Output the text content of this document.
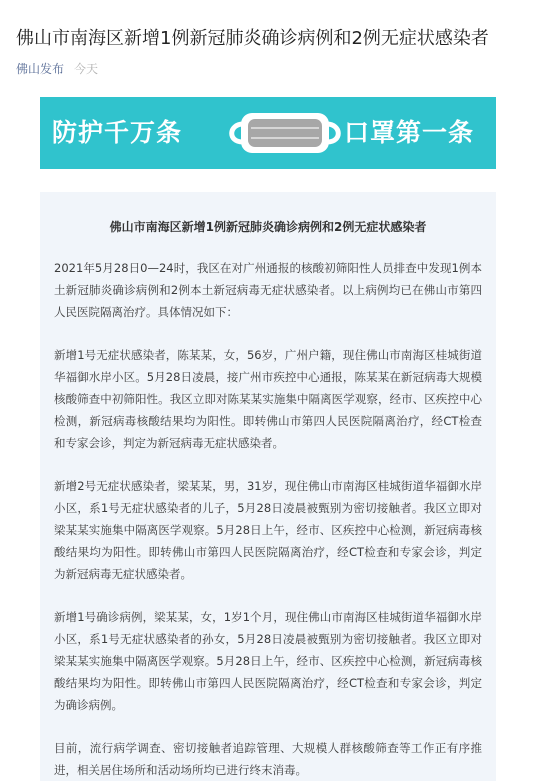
佛山市南海区新增1例新冠肺炎确诊病例和2例无症状感染者
佛山发布 今天
防护千万条	口罩第一条

佛山市南海区新增1例新冠肺炎确诊病例和2例无症状感染者

2021年5月28日0—24时，我区在对广州通报的核酸初筛阳性人员排查中发现1例本土新冠肺炎确诊病例和2例本土新冠病毒无症状感染者。以上病例均已在佛山市第四人民医院隔离治疗。具体情况如下：

新增1号无症状感染者，陈某某，女，56岁，广州户籍，现住佛山市南海区桂城街道华福御水岸小区。5月28日凌晨，接广州市疾控中心通报，陈某某在新冠病毒大规模核酸筛查中初筛阳性。我区立即对陈某某实施集中隔离医学观察，经市、区疾控中心检测，新冠病毒核酸结果均为阳性。即转佛山市第四人民医院隔离治疗，经CT检查和专家会诊，判定为新冠病毒无症状感染者。

新增2号无症状感染者，梁某某，男，31岁，现住佛山市南海区桂城街道华福御水岸小区，系1号无症状感染者的儿子，5月28日凌晨被甄别为密切接触者。我区立即对梁某某实施集中隔离医学观察。5月28日上午，经市、区疾控中心检测，新冠病毒核酸结果均为阳性。即转佛山市第四人民医院隔离治疗，经CT检查和专家会诊，判定为新冠病毒无症状感染者。

新增1号确诊病例，梁某某，女，1岁1个月，现住佛山市南海区桂城街道华福御水岸小区，系1号无症状感染者的孙女，5月28日凌晨被甄别为密切接触者。我区立即对梁某某实施集中隔离医学观察。5月28日上午，经市、区疾控中心检测，新冠病毒核酸结果均为阳性。即转佛山市第四人民医院隔离治疗，经CT检查和专家会诊，判定为确诊病例。

目前，流行病学调查、密切接触者追踪管理、大规模人群核酸筛查等工作正有序推进，相关居住场所和活动场所均已进行终末消毒。
